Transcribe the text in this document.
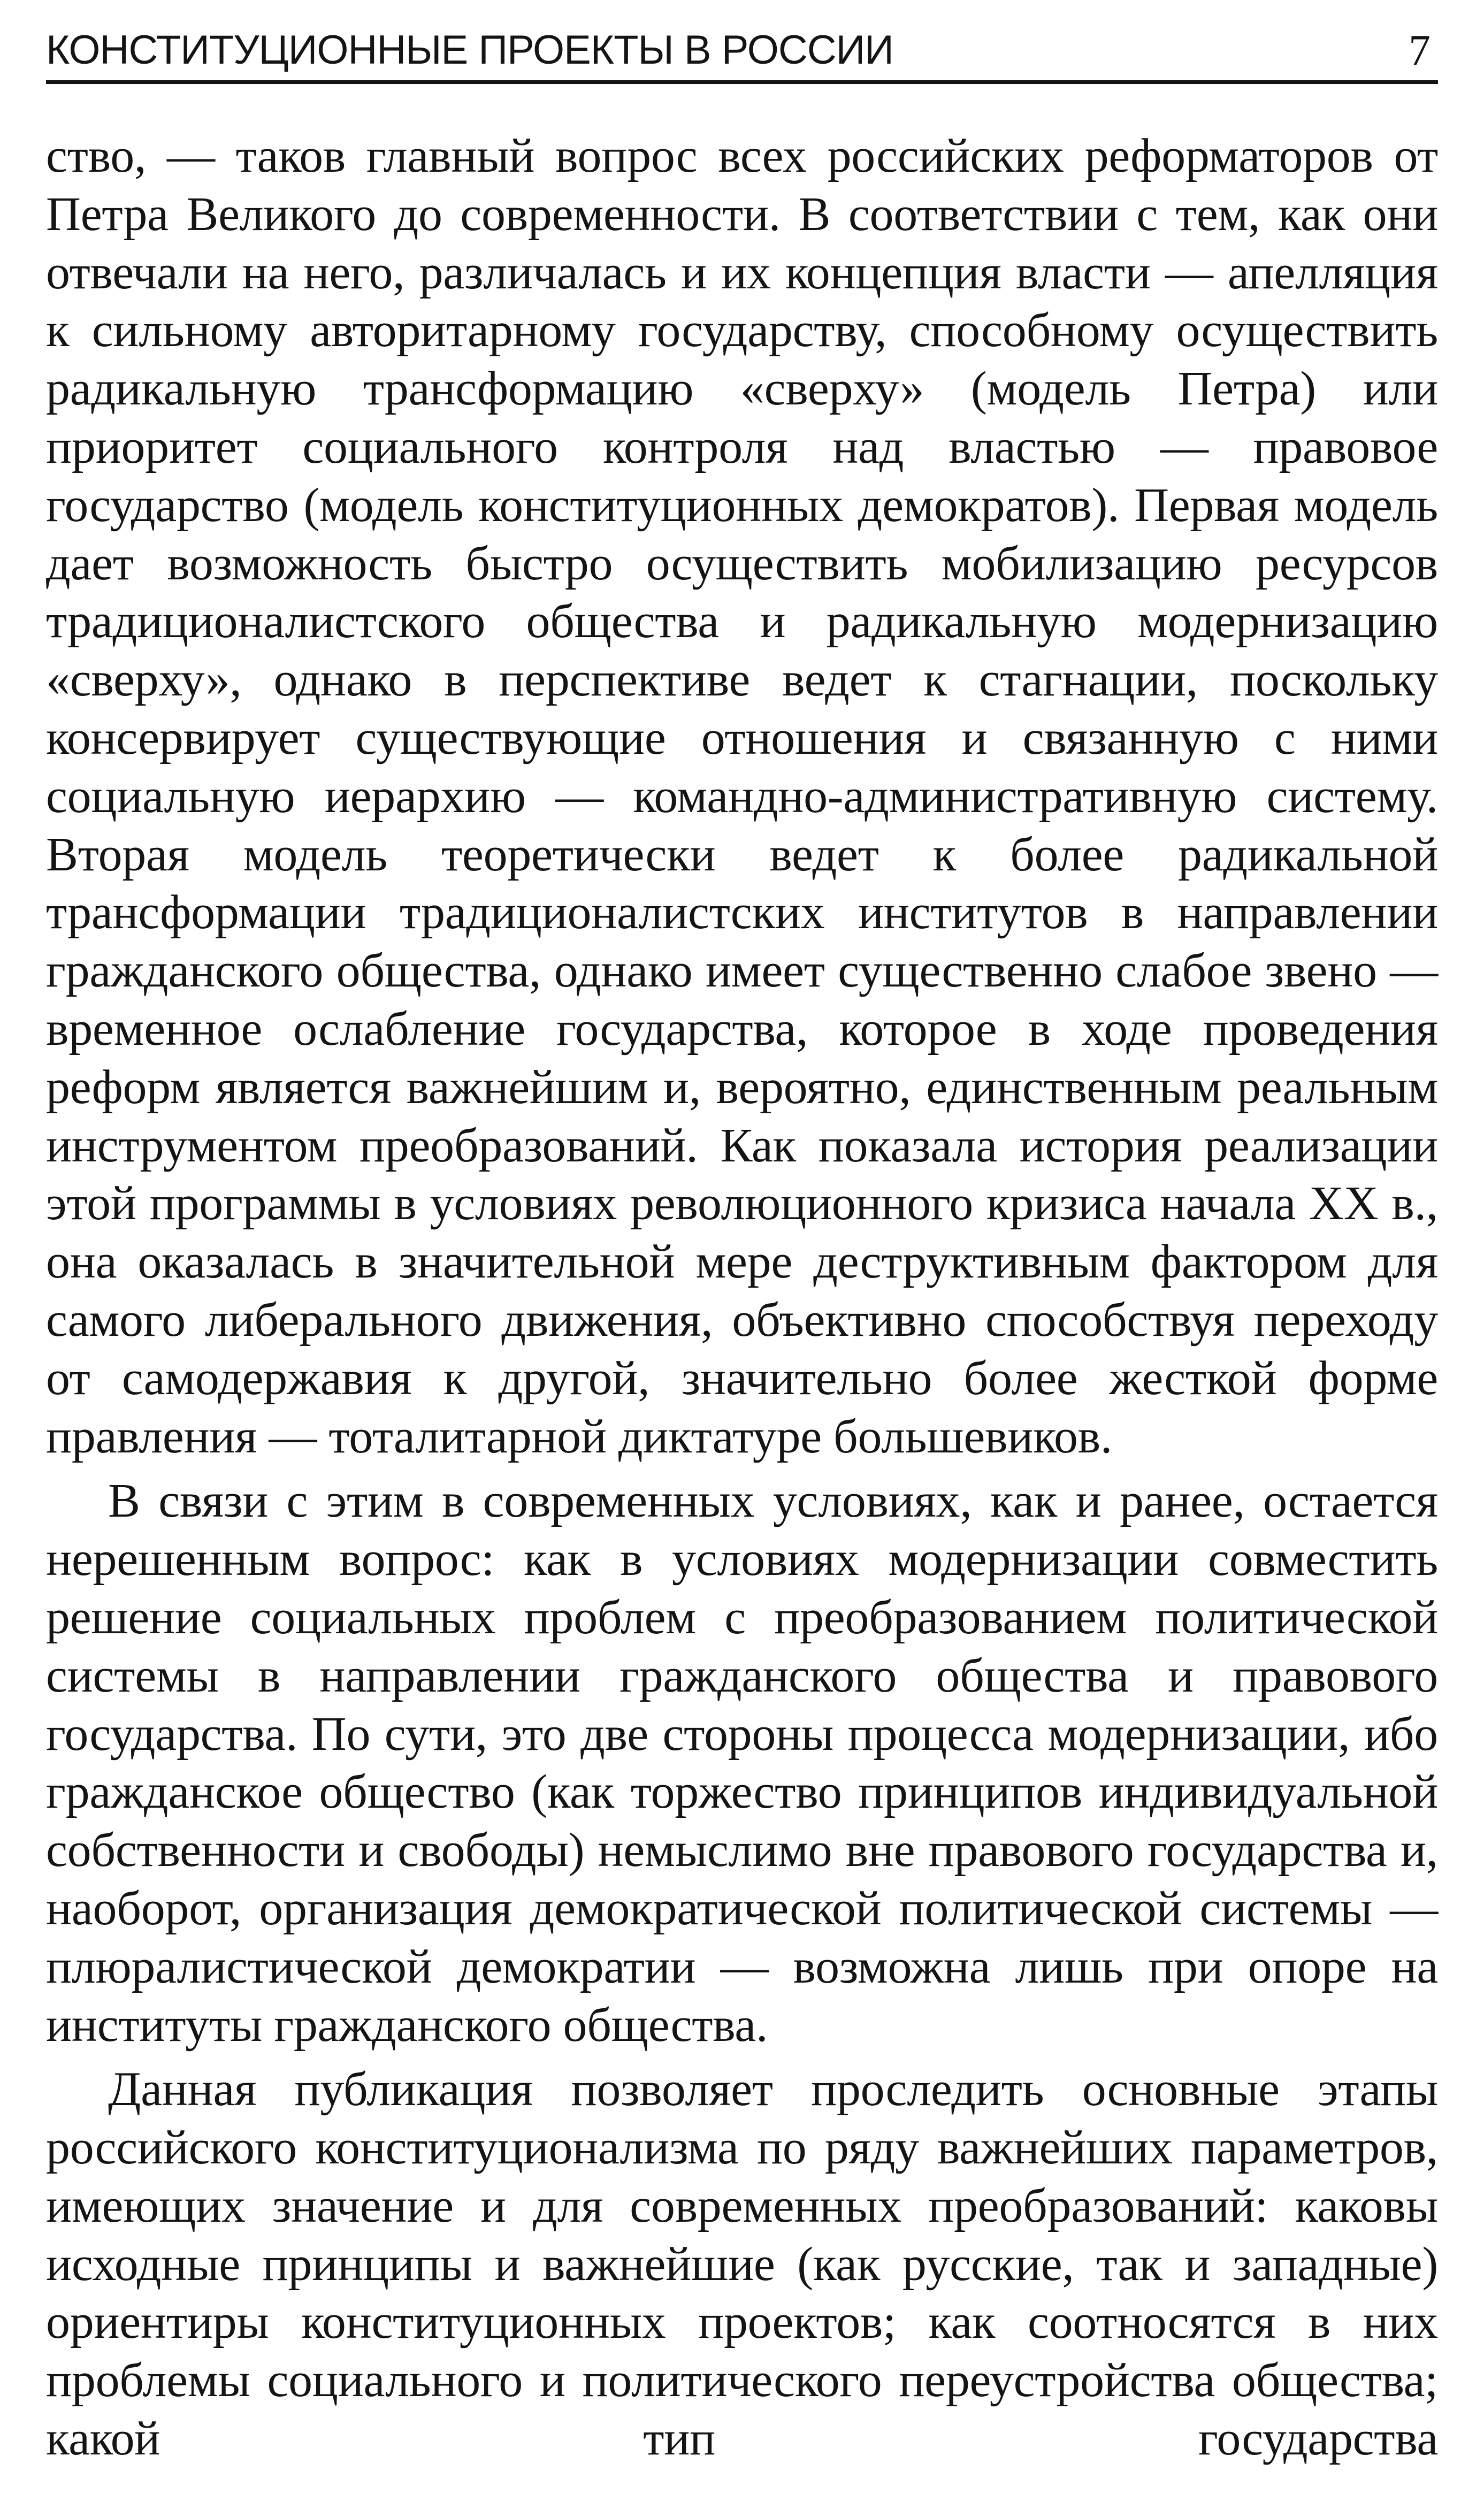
КОНСТИТУЦИОННЫЕ ПРОЕКТЫ В РОССИИ	7

ство, — таков главный вопрос всех российских реформаторов от Петра Великого до современности. В соответствии с тем, как они отвечали на него, различалась и их концепция власти — апелляция к сильному авторитарному государству, способному осуществить радикальную трансформацию «сверху» (модель Петра) или приоритет социального контроля над властью — правовое государство (модель конституционных демократов). Первая модель дает возможность быстро осуществить мобилизацию ресурсов традиционалистского общества и радикальную модернизацию «сверху», однако в перспективе ведет к стагнации, поскольку консервирует существующие отношения и связанную с ними социальную иерархию — командно-административную систему. Вторая модель теоретически ведет к более радикальной трансформации традиционалистских институтов в направлении гражданского общества, однако имеет существенно слабое звено — временное ослабление государства, которое в ходе проведения реформ является важнейшим и, вероятно, единственным реальным инструментом преобразований. Как показала история реализации этой программы в условиях революционного кризиса начала XX в., она оказалась в значительной мере деструктивным фактором для самого либерального движения, объективно способствуя переходу от самодержавия к другой, значительно более жесткой форме правления — тоталитарной диктатуре большевиков.

В связи с этим в современных условиях, как и ранее, остается нерешенным вопрос: как в условиях модернизации совместить решение социальных проблем с преобразованием политической системы в направлении гражданского общества и правового государства. По сути, это две стороны процесса модернизации, ибо гражданское общество (как торжество принципов индивидуальной собственности и свободы) немыслимо вне правового государства и, наоборот, организация демократической политической системы — плюралистической демократии — возможна лишь при опоре на институты гражданского общества.

Данная публикация позволяет проследить основные этапы российского конституционализма по ряду важнейших параметров, имеющих значение и для современных преобразований: каковы исходные принципы и важнейшие (как русские, так и западные) ориентиры конституционных проектов; как соотносятся в них проблемы социального и политического переустройства общества; какой тип государства
